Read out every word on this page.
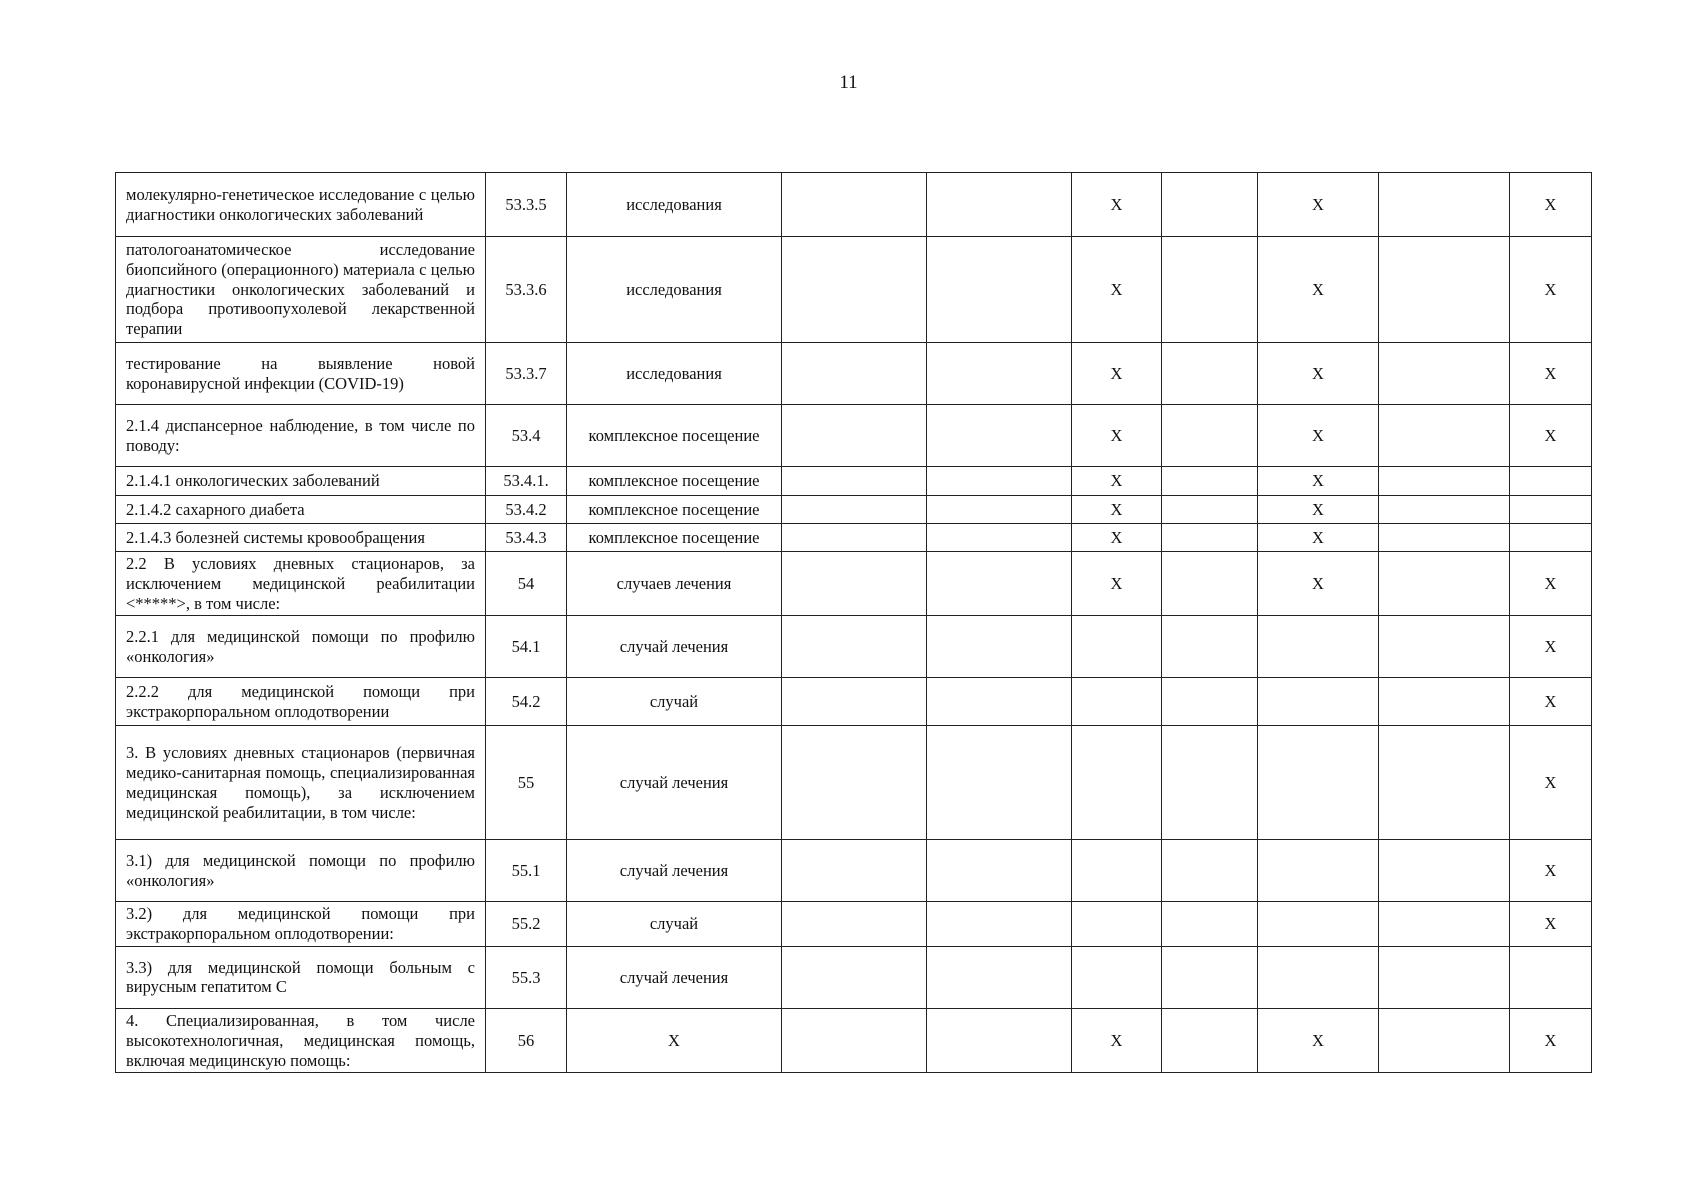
11
молекулярно-генетическое исследование с целью диагностики онкологических заболеваний	53.3.5	исследования			X		X		X
патологоанатомическое исследование биопсийного (операционного) материала с целью диагностики онкологических заболеваний и подбора противоопухолевой лекарственной терапии	53.3.6	исследования			X		X		X
тестирование на выявление новой коронавирусной инфекции (COVID-19)	53.3.7	исследования			X		X		X
2.1.4 диспансерное наблюдение, в том числе по поводу:	53.4	комплексное посещение			X		X		X
2.1.4.1 онкологических заболеваний	53.4.1.	комплексное посещение			X		X		
2.1.4.2 сахарного диабета	53.4.2	комплексное посещение			X		X		
2.1.4.3 болезней системы кровообращения	53.4.3	комплексное посещение			X		X		
2.2 В условиях дневных стационаров, за исключением медицинской реабилитации <*****>, в том числе:	54	случаев лечения			X		X		X
2.2.1 для медицинской помощи по профилю «онкология»	54.1	случай лечения							X
2.2.2 для медицинской помощи при экстракорпоральном оплодотворении	54.2	случай							X
3. В условиях дневных стационаров (первичная медико-санитарная помощь, специализированная медицинская помощь), за исключением медицинской реабилитации, в том числе:	55	случай лечения							X
3.1) для медицинской помощи по профилю «онкология»	55.1	случай лечения							X
3.2) для медицинской помощи при экстракорпоральном оплодотворении:	55.2	случай							X
3.3) для медицинской помощи больным с вирусным гепатитом С	55.3	случай лечения							
4. Специализированная, в том числе высокотехнологичная, медицинская помощь, включая медицинскую помощь:	56	X			X		X		X
